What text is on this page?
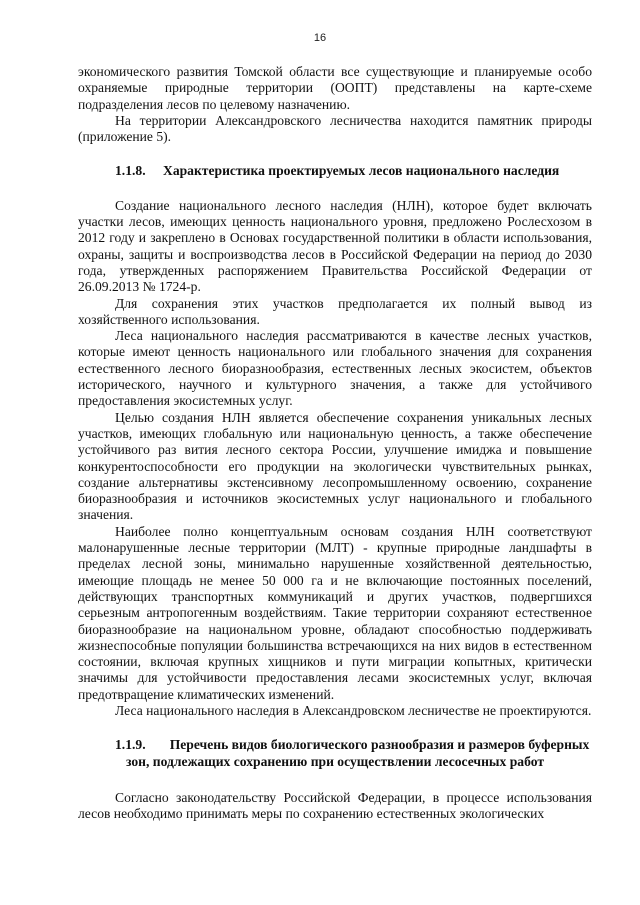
16

экономического развития Томской области все существующие и планируемые особо охраняемые природные территории (ООПТ) представлены на карте-схеме подразделения лесов по целевому назначению.

На территории Александровского лесничества находится памятник природы (приложение 5).

1.1.8.	Характеристика проектируемых лесов национального наследия

Создание национального лесного наследия (НЛН), которое будет включать участки лесов, имеющих ценность национального уровня, предложено Рослесхозом в 2012 году и закреплено в Основах государственной политики в области использования, охраны, защиты и воспроизводства лесов в Российской Федерации на период до 2030 года, утвержденных распоряжением Правительства Российской Федерации от 26.09.2013 № 1724-р.

Для сохранения этих участков предполагается их полный вывод из хозяйственного использования.

Леса национального наследия рассматриваются в качестве лесных участков, которые имеют ценность национального или глобального значения для сохранения естественного лесного биоразнообразия, естественных лесных экосистем, объектов исторического, научного и культурного значения, а также для устойчивого предоставления экосистемных услуг.

Целью создания НЛН является обеспечение сохранения уникальных лесных участков, имеющих глобальную или национальную ценность, а также обеспечение устойчивого раз вития лесного сектора России, улучшение имиджа и повышение конкурентоспособности его продукции на экологически чувствительных рынках, создание альтернативы экстенсивному лесопромышленному освоению, сохранение биоразнообразия и источников экосистемных услуг национального и глобального значения.

Наиболее полно концептуальным основам создания НЛН соответствуют малонарушенные лесные территории (МЛТ) - крупные природные ландшафты в пределах лесной зоны, минимально нарушенные хозяйственной деятельностью, имеющие площадь не менее 50 000 га и не включающие постоянных поселений, действующих транспортных коммуникаций и других участков, подвергшихся серьезным антропогенным воздействиям. Такие территории сохраняют естественное биоразнообразие на национальном уровне, обладают способностью поддерживать жизнеспособные популяции большинства встречающихся на них видов в естественном состоянии, включая крупных хищников и пути миграции копытных, критически значимы для устойчивости предоставления лесами экосистемных услуг, включая предотвращение климатических изменений.

Леса национального наследия в Александровском лесничестве не проектируются.

1.1.9.	Перечень видов биологического разнообразия и размеров буферных
зон, подлежащих сохранению при осуществлении лесосечных работ

Согласно законодательству Российской Федерации, в процессе использования лесов необходимо принимать меры по сохранению естественных экологических
